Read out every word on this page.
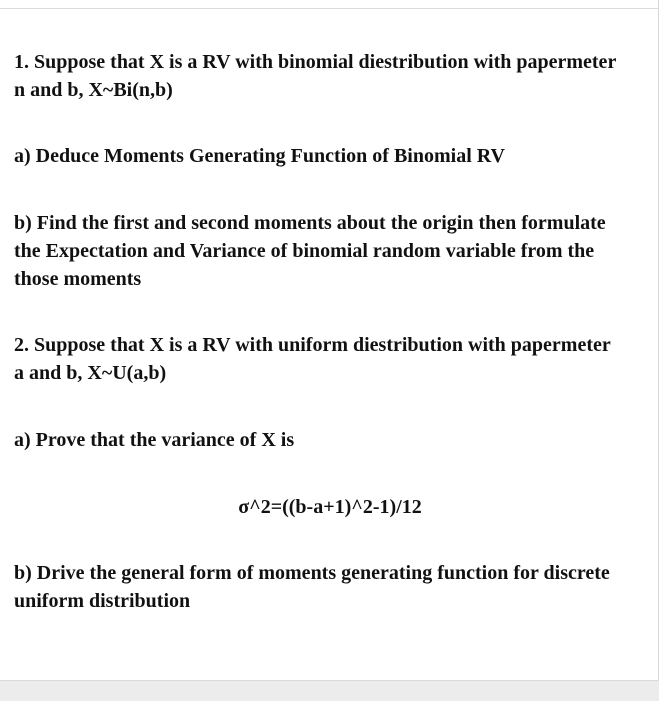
1. Suppose that X is a RV with binomial diestribution with papermeter n and b, X~Bi(n,b)

a) Deduce Moments Generating Function of Binomial RV

b) Find the first and second moments about the origin then formulate the Expectation and Variance of binomial random variable from the those moments

2. Suppose that X is a RV with uniform diestribution with papermeter a and b, X~U(a,b)

a) Prove that the variance of X is

σ^2=((b-a+1)^2-1)/12

b) Drive the general form of moments generating function for discrete uniform distribution
